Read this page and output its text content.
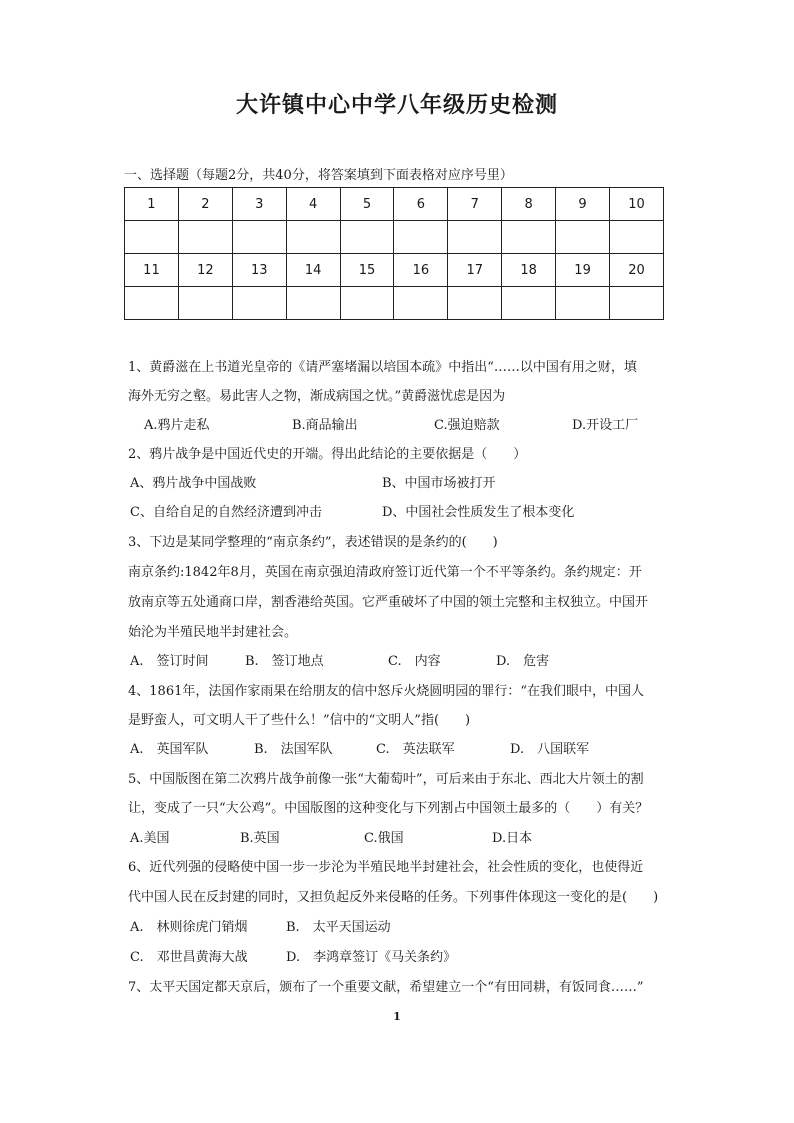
大许镇中心中学八年级历史检测
一、选择题（每题2分，共40分，将答案填到下面表格对应序号里）
1	2	3	4	5	6	7	8	9	10

11	12	13	14	15	16	17	18	19	20

1、黄爵滋在上书道光皇帝的《请严塞堵漏以培国本疏》中指出“……以中国有用之财，填
海外无穷之壑。易此害人之物，渐成病国之忧。”黄爵滋忧虑是因为
A.鸦片走私	B.商品输出	C.强迫赔款	D.开设工厂
2、鸦片战争是中国近代史的开端。得出此结论的主要依据是（　　）
A、鸦片战争中国战败	B、中国市场被打开
C、自给自足的自然经济遭到冲击	D、中国社会性质发生了根本变化
3、下边是某同学整理的“南京条约”，表述错误的是条约的(　　)
南京条约:1842年8月，英国在南京强迫清政府签订近代第一个不平等条约。条约规定：开
放南京等五处通商口岸，割香港给英国。它严重破坏了中国的领土完整和主权独立。中国开
始沦为半殖民地半封建社会。
A.　签订时间	B.　签订地点	C.　内容	D.　危害
4、1861年，法国作家雨果在给朋友的信中怒斥火烧圆明园的罪行：“在我们眼中，中国人
是野蛮人，可文明人干了些什么！”信中的“文明人”指(　　)
A.　英国军队	B.　法国军队	C.　英法联军	D.　八国联军
5、中国版图在第二次鸦片战争前像一张“大葡萄叶”，可后来由于东北、西北大片领土的割
让，变成了一只“大公鸡”。中国版图的这种变化与下列割占中国领土最多的（　　）有关？
A.美国	B.英国	C.俄国	D.日本
6、近代列强的侵略使中国一步一步沦为半殖民地半封建社会，社会性质的变化，也使得近
代中国人民在反封建的同时，又担负起反外来侵略的任务。下列事件体现这一变化的是(　　)
A.　林则徐虎门销烟	B.　太平天国运动
C.　邓世昌黄海大战	D.　李鸿章签订《马关条约》
7、太平天国定都天京后，颁布了一个重要文献，希望建立一个“有田同耕，有饭同食……”
1
